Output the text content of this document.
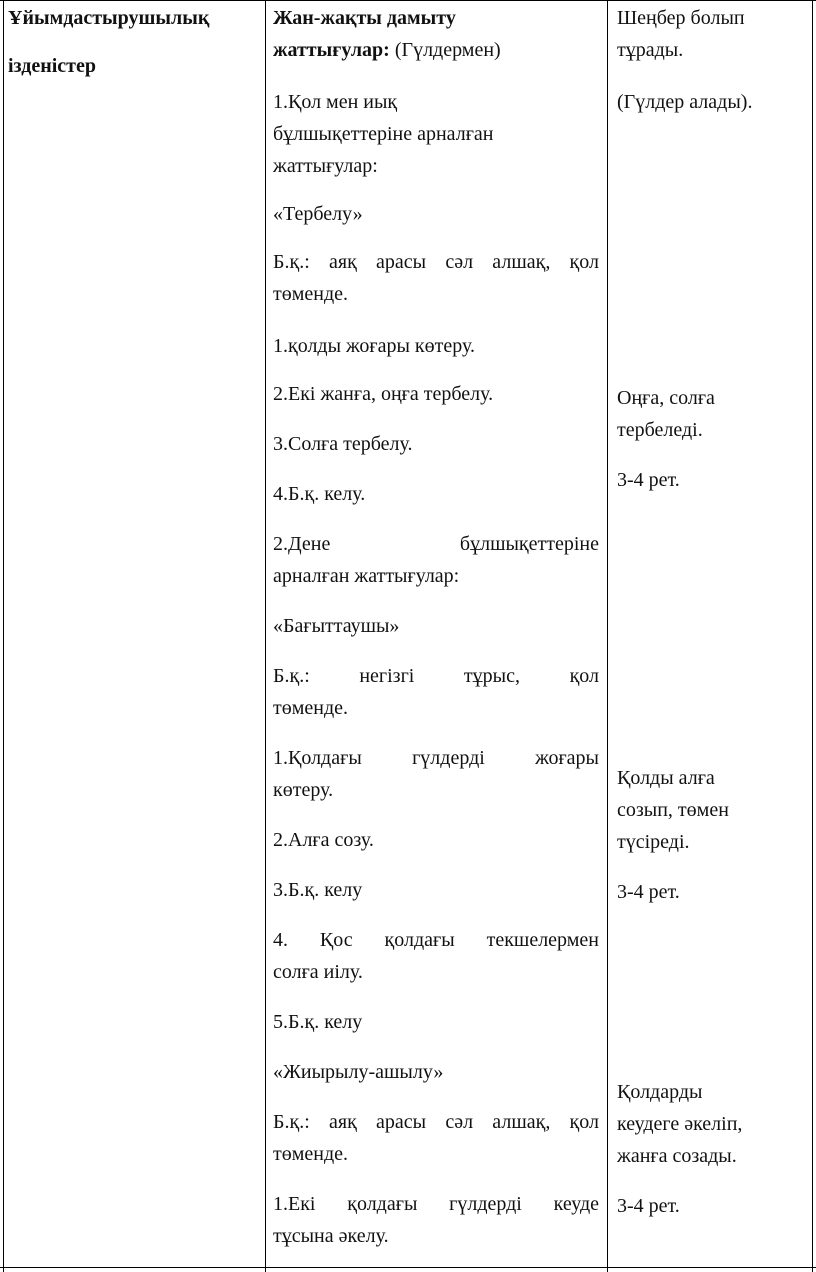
Ұйымдастырушылық
ізденістер
Жан-жақты дамыту
жаттығулар: (Гүлдермен)
1.Қол мен иық
бұлшықеттеріне арналған
жаттығулар:
«Тербелу»
Б.қ.: аяқ арасы сәл алшақ, қол
төменде.
1.қолды жоғары көтеру.
2.Екі жанға, оңға тербелу.
3.Солға тербелу.
4.Б.қ. келу.
2.Дене бұлшықеттеріне
арналған жаттығулар:
«Бағыттаушы»
Б.қ.: негізгі тұрыс, қол
төменде.
1.Қолдағы гүлдерді жоғары
көтеру.
2.Алға созу.
3.Б.қ. келу
4. Қос қолдағы текшелермен
солға иілу.
5.Б.қ. келу
«Жиырылу-ашылу»
Б.қ.: аяқ арасы сәл алшақ, қол
төменде.
1.Екі қолдағы гүлдерді кеуде
тұсына әкелу.
Шеңбер болып
тұрады.
(Гүлдер алады).
Оңға, солға
тербеледі.
3-4 рет.
Қолды алға
созып, төмен
түсіреді.
3-4 рет.
Қолдарды
кеудеге әкеліп,
жанға созады.
3-4 рет.
